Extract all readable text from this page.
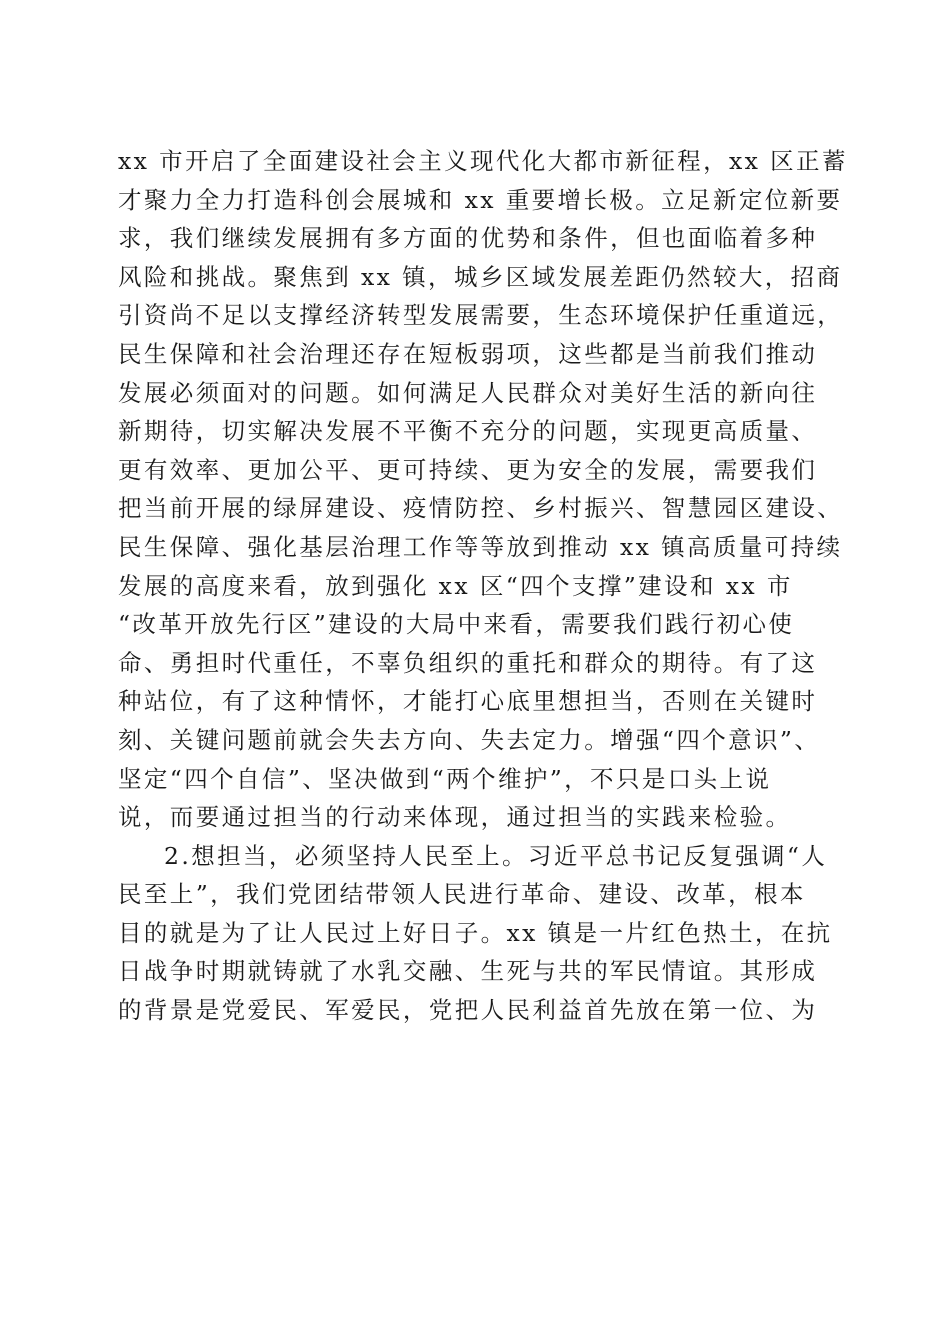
xx 市开启了全面建设社会主义现代化大都市新征程，xx 区正蓄
才聚力全力打造科创会展城和 xx 重要增长极。立足新定位新要
求，我们继续发展拥有多方面的优势和条件，但也面临着多种
风险和挑战。聚焦到 xx 镇，城乡区域发展差距仍然较大，招商
引资尚不足以支撑经济转型发展需要，生态环境保护任重道远，
民生保障和社会治理还存在短板弱项，这些都是当前我们推动
发展必须面对的问题。如何满足人民群众对美好生活的新向往
新期待，切实解决发展不平衡不充分的问题，实现更高质量、
更有效率、更加公平、更可持续、更为安全的发展，需要我们
把当前开展的绿屏建设、疫情防控、乡村振兴、智慧园区建设、
民生保障、强化基层治理工作等等放到推动 xx 镇高质量可持续
发展的高度来看，放到强化 xx 区“四个支撑”建设和 xx 市
“改革开放先行区”建设的大局中来看，需要我们践行初心使
命、勇担时代重任，不辜负组织的重托和群众的期待。有了这
种站位，有了这种情怀，才能打心底里想担当，否则在关键时
刻、关键问题前就会失去方向、失去定力。增强“四个意识”、
坚定“四个自信”、坚决做到“两个维护”，不只是口头上说
说，而要通过担当的行动来体现，通过担当的实践来检验。
2.想担当，必须坚持人民至上。习近平总书记反复强调“人
民至上”，我们党团结带领人民进行革命、建设、改革，根本
目的就是为了让人民过上好日子。xx 镇是一片红色热土，在抗
日战争时期就铸就了水乳交融、生死与共的军民情谊。其形成
的背景是党爱民、军爱民，党把人民利益首先放在第一位、为
